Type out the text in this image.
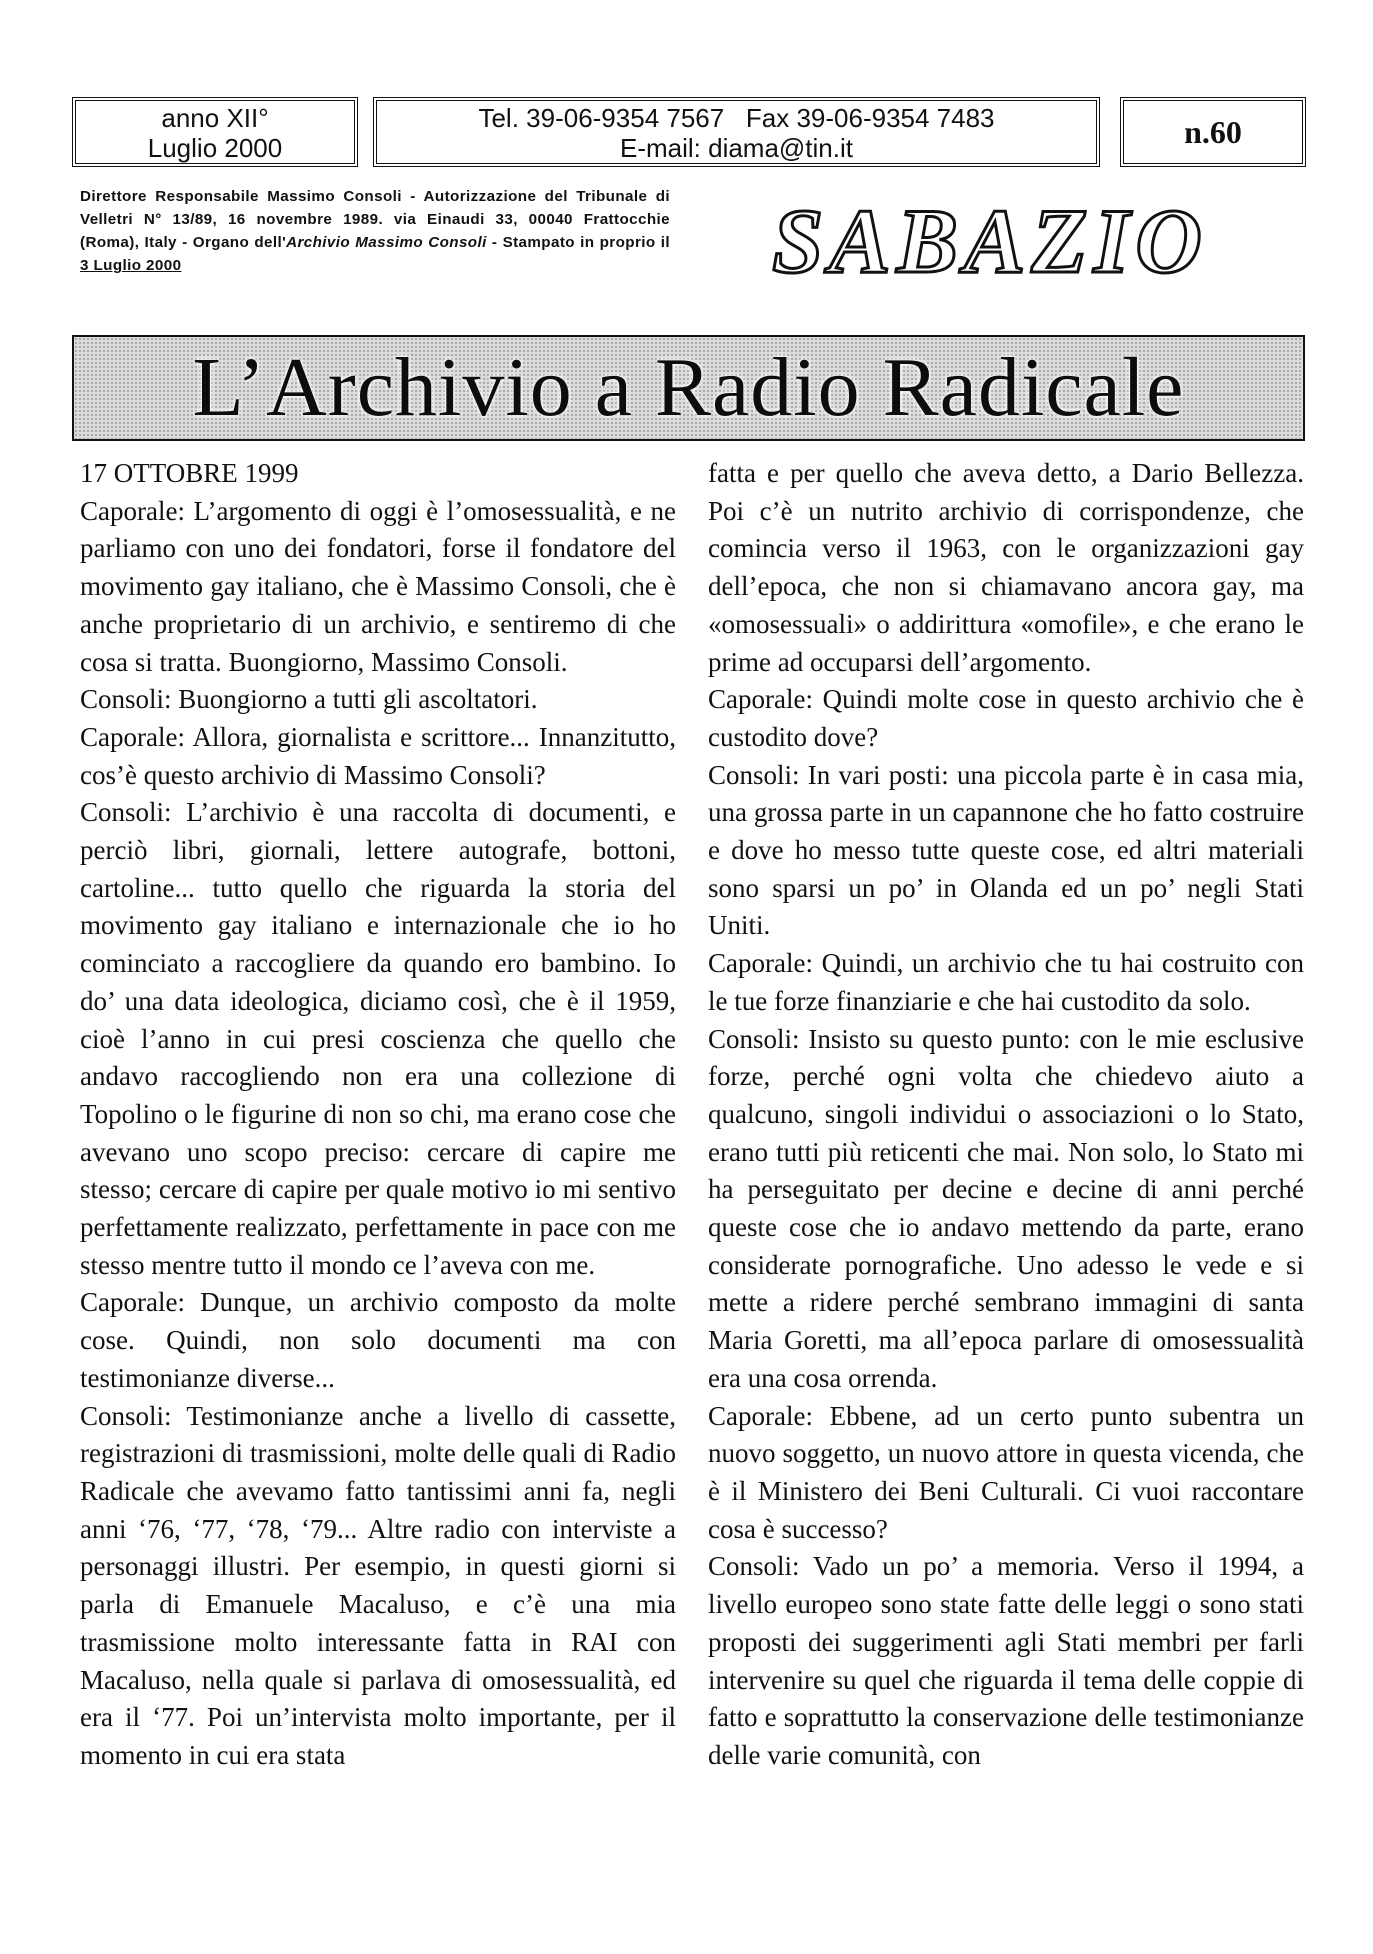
anno XII°
Luglio 2000
Tel. 39-06-9354 7567   Fax 39-06-9354 7483
E-mail: diama@tin.it	n.60
Direttore Responsabile Massimo Consoli - Autorizzazione del Tribunale di Velletri N° 13/89, 16 novembre 1989. via Einaudi 33, 00040 Frattocchie (Roma), Italy - Organo dell'Archivio Massimo Consoli - Stampato in proprio il 3 Luglio 2000	SABAZIO
L’Archivio a Radio Radicale

17 OTTOBRE 1999

Caporale: L’argomento di oggi è l’omosessualità, e ne parliamo con uno dei fondatori, forse il fondatore del movimento gay italiano, che è Massimo Consoli, che è anche proprietario di un archivio, e sentiremo di che cosa si tratta. Buongiorno, Massimo Consoli.

Consoli: Buongiorno a tutti gli ascoltatori.

Caporale: Allora, giornalista e scrittore... Innanzitutto, cos’è questo archivio di Massimo Consoli?

Consoli: L’archivio è una raccolta di documenti, e perciò libri, giornali, lettere autografe, bottoni, cartoline... tutto quello che riguarda la storia del movimento gay italiano e internazionale che io ho cominciato a raccogliere da quando ero bambino. Io do’ una data ideologica, diciamo così, che è il 1959, cioè l’anno in cui presi coscienza che quello che andavo raccogliendo non era una collezione di Topolino o le figurine di non so chi, ma erano cose che avevano uno scopo preciso: cercare di capire me stesso; cercare di capire per quale motivo io mi sentivo perfettamente realizzato, perfettamente in pace con me stesso mentre tutto il mondo ce l’aveva con me.

Caporale: Dunque, un archivio composto da molte cose. Quindi, non solo documenti ma con testimonianze diverse...

Consoli: Testimonianze anche a livello di cassette, registrazioni di trasmissioni, molte delle quali di Radio Radicale che avevamo fatto tantissimi anni fa, negli anni ‘76, ‘77, ‘78, ‘79... Altre radio con interviste a personaggi illustri. Per esempio, in questi giorni si parla di Emanuele Macaluso, e c’è una mia trasmissione molto interessante fatta in RAI con Macaluso, nella quale si parlava di omosessualità, ed era il ‘77. Poi un’intervista molto importante, per il momento in cui era stata

fatta e per quello che aveva detto, a Dario Bellezza. Poi c’è un nutrito archivio di corrispondenze, che comincia verso il 1963, con le organizzazioni gay dell’epoca, che non si chiamavano ancora gay, ma «omosessuali» o addirittura «omofile», e che erano le prime ad occuparsi dell’argomento.

Caporale: Quindi molte cose in questo archivio che è custodito dove?

Consoli: In vari posti: una piccola parte è in casa mia, una grossa parte in un capannone che ho fatto costruire e dove ho messo tutte queste cose, ed altri materiali sono sparsi un po’ in Olanda ed un po’ negli Stati Uniti.

Caporale: Quindi, un archivio che tu hai costruito con le tue forze finanziarie e che hai custodito da solo.

Consoli: Insisto su questo punto: con le mie esclusive forze, perché ogni volta che chiedevo aiuto a qualcuno, singoli individui o associazioni o lo Stato, erano tutti più reticenti che mai. Non solo, lo Stato mi ha perseguitato per decine e decine di anni perché queste cose che io andavo mettendo da parte, erano considerate pornografiche. Uno adesso le vede e si mette a ridere perché sembrano immagini di santa Maria Goretti, ma all’epoca parlare di omosessualità era una cosa orrenda.

Caporale: Ebbene, ad un certo punto subentra un nuovo soggetto, un nuovo attore in questa vicenda, che è il Ministero dei Beni Culturali. Ci vuoi raccontare cosa è successo?

Consoli: Vado un po’ a memoria. Verso il 1994, a livello europeo sono state fatte delle leggi o sono stati proposti dei suggerimenti agli Stati membri per farli intervenire su quel che riguarda il tema delle coppie di fatto e soprattutto la conservazione delle testimonianze delle varie comunità, con
